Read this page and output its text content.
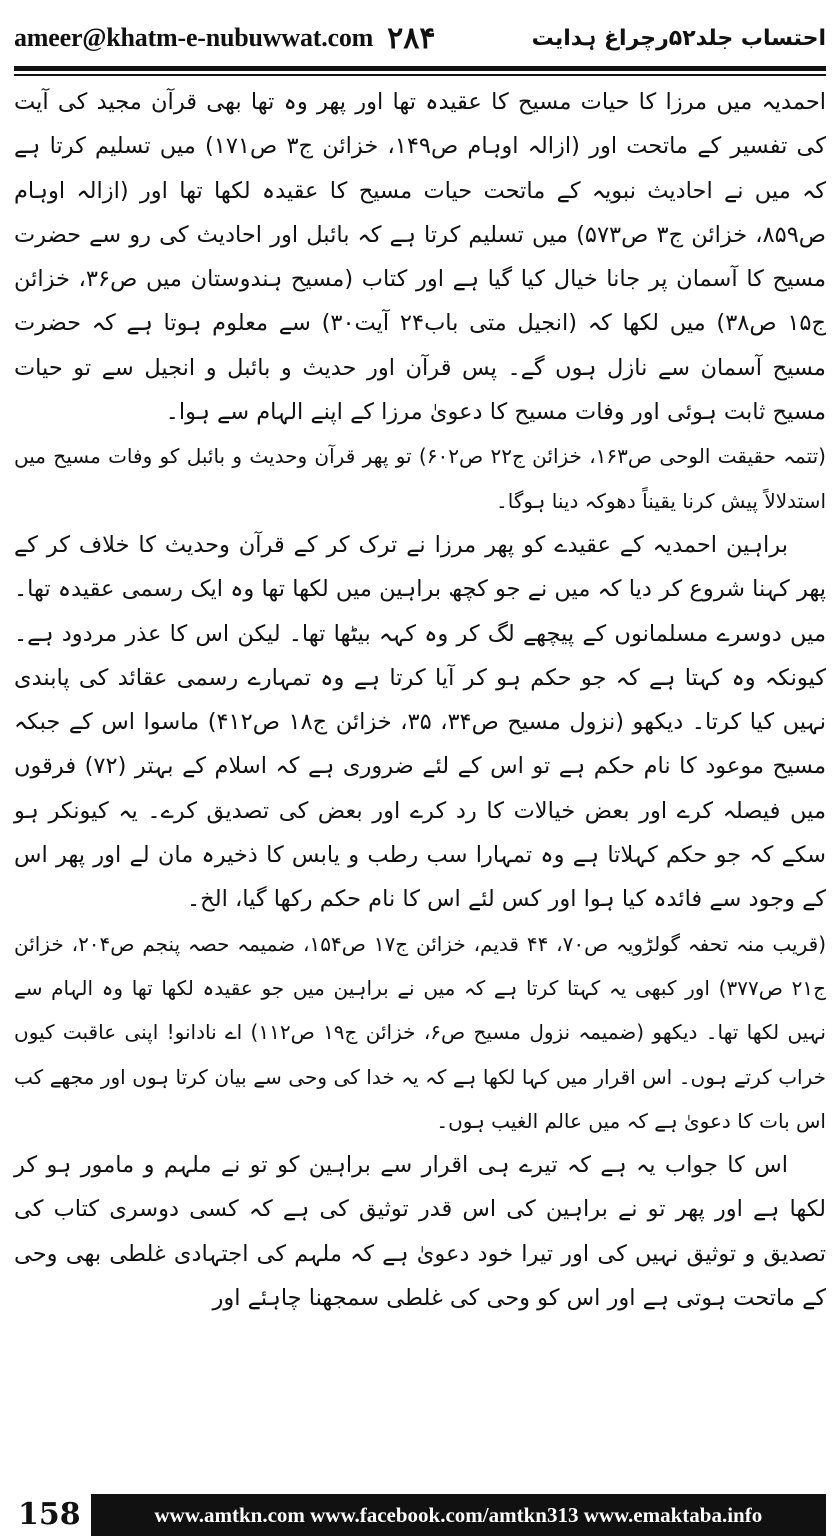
ameer@khatm-e-nubuwwat.com ۲۸۴	احتساب جلد۵۲رچراغ ہدایت

احمدیہ میں مرزا کا حیات مسیح کا عقیدہ تھا اور پھر وہ تھا بھی قرآن مجید کی آیت کی تفسیر کے ماتحت اور (ازالہ اوہام ص۱۴۹، خزائن ج۳ ص۱۷۱) میں تسلیم کرتا ہے کہ میں نے احادیث نبویہ کے ماتحت حیات مسیح کا عقیدہ لکھا تھا اور (ازالہ اوہام ص۸۵۹، خزائن ج۳ ص۵۷۳) میں تسلیم کرتا ہے کہ بائبل اور احادیث کی رو سے حضرت مسیح کا آسمان پر جانا خیال کیا گیا ہے اور کتاب (مسیح ہندوستان میں ص۳۶، خزائن ج۱۵ ص۳۸) میں لکھا کہ (انجیل متی باب۲۴ آیت۳۰) سے معلوم ہوتا ہے کہ حضرت مسیح آسمان سے نازل ہوں گے۔ پس قرآن اور حدیث و بائبل و انجیل سے تو حیات مسیح ثابت ہوئی اور وفات مسیح کا دعویٰ مرزا کے اپنے الہام سے ہوا۔

(تتمہ حقیقت الوحی ص۱۶۳، خزائن ج۲۲ ص۶۰۲) تو پھر قرآن وحدیث و بائبل کو وفات مسیح میں استدلالاً پیش کرنا یقیناً دھوکہ دینا ہوگا۔

براہین احمدیہ کے عقیدے کو پھر مرزا نے ترک کر کے قرآن وحدیث کا خلاف کر کے پھر کہنا شروع کر دیا کہ میں نے جو کچھ براہین میں لکھا تھا وہ ایک رسمی عقیدہ تھا۔ میں دوسرے مسلمانوں کے پیچھے لگ کر وہ کہہ بیٹھا تھا۔ لیکن اس کا عذر مردود ہے۔ کیونکہ وہ کہتا ہے کہ جو حکم ہو کر آیا کرتا ہے وہ تمہارے رسمی عقائد کی پابندی نہیں کیا کرتا۔ دیکھو (نزول مسیح ص۳۴، ۳۵، خزائن ج۱۸ ص۴۱۲) ماسوا اس کے جبکہ مسیح موعود کا نام حکم ہے تو اس کے لئے ضروری ہے کہ اسلام کے بہتر (۷۲) فرقوں میں فیصلہ کرے اور بعض خیالات کا رد کرے اور بعض کی تصدیق کرے۔ یہ کیونکر ہو سکے کہ جو حکم کہلاتا ہے وہ تمہارا سب رطب و یابس کا ذخیرہ مان لے اور پھر اس کے وجود سے فائدہ کیا ہوا اور کس لئے اس کا نام حکم رکھا گیا، الخ۔

(قریب منہ تحفہ گولڑویہ ص۷۰، ۴۴ قدیم، خزائن ج۱۷ ص۱۵۴، ضمیمہ حصہ پنجم ص۲۰۴، خزائن ج۲۱ ص۳۷۷) اور کبھی یہ کہتا کرتا ہے کہ میں نے براہین میں جو عقیدہ لکھا تھا وہ الہام سے نہیں لکھا تھا۔ دیکھو (ضمیمہ نزول مسیح ص۶، خزائن ج۱۹ ص۱۱۲) اے نادانو! اپنی عاقبت کیوں خراب کرتے ہوں۔ اس اقرار میں کہا لکھا ہے کہ یہ خدا کی وحی سے بیان کرتا ہوں اور مجھے کب اس بات کا دعویٰ ہے کہ میں عالم الغیب ہوں۔

اس کا جواب یہ ہے کہ تیرے ہی اقرار سے براہین کو تو نے ملہم و مامور ہو کر لکھا ہے اور پھر تو نے براہین کی اس قدر توثیق کی ہے کہ کسی دوسری کتاب کی تصدیق و توثیق نہیں کی اور تیرا خود دعویٰ ہے کہ ملہم کی اجتہادی غلطی بھی وحی کے ماتحت ہوتی ہے اور اس کو وحی کی غلطی سمجھنا چاہئے اور

158	www.amtkn.com www.facebook.com/amtkn313 www.emaktaba.info
